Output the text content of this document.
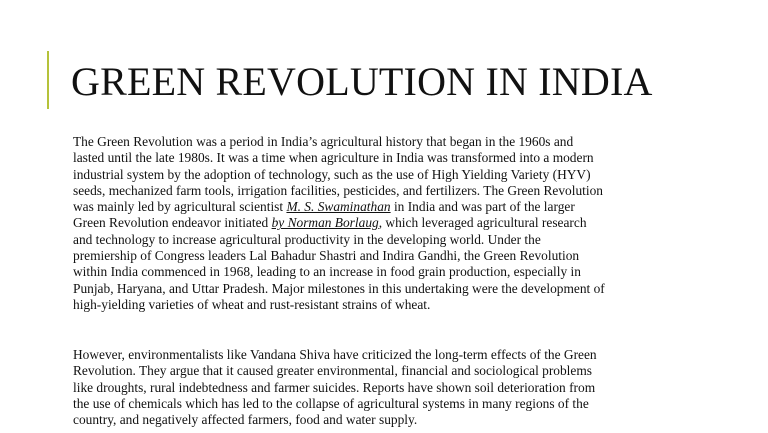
GREEN REVOLUTION IN INDIA
The Green Revolution was a period in India’s agricultural history that began in the 1960s and
lasted until the late 1980s. It was a time when agriculture in India was transformed into a modern
industrial system by the adoption of technology, such as the use of High Yielding Variety (HYV)
seeds, mechanized farm tools, irrigation facilities, pesticides, and fertilizers. The Green Revolution
was mainly led by agricultural scientist M. S. Swaminathan in India and was part of the larger
Green Revolution endeavor initiated by Norman Borlaug, which leveraged agricultural research
and technology to increase agricultural productivity in the developing world. Under the
premiership of Congress leaders Lal Bahadur Shastri and Indira Gandhi, the Green Revolution
within India commenced in 1968, leading to an increase in food grain production, especially in
Punjab, Haryana, and Uttar Pradesh. Major milestones in this undertaking were the development of
high-yielding varieties of wheat and rust-resistant strains of wheat.
However, environmentalists like Vandana Shiva have criticized the long-term effects of the Green
Revolution. They argue that it caused greater environmental, financial and sociological problems
like droughts, rural indebtedness and farmer suicides. Reports have shown soil deterioration from
the use of chemicals which has led to the collapse of agricultural systems in many regions of the
country, and negatively affected farmers, food and water supply.
